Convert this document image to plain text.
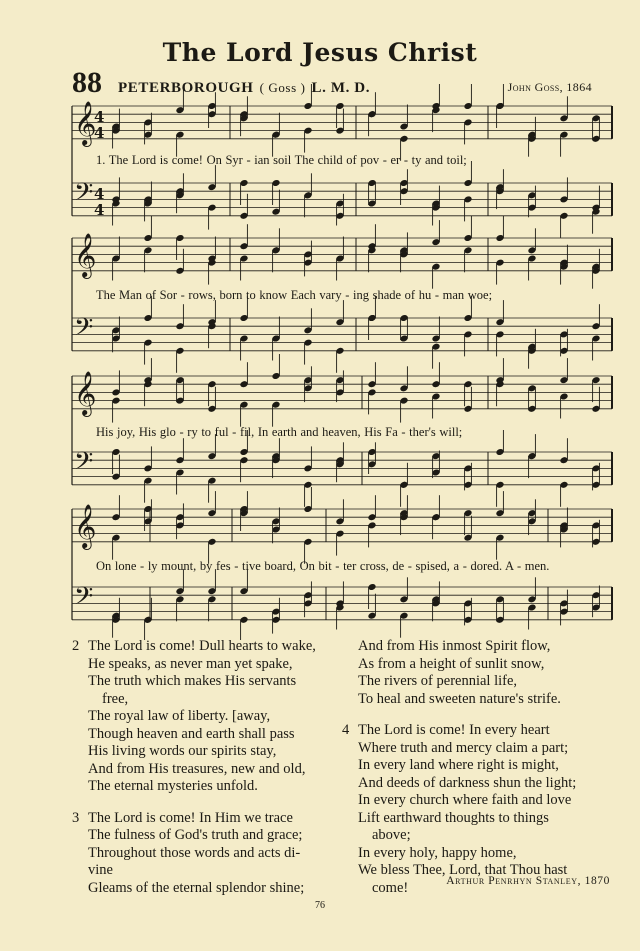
The Lord Jesus Christ
88 PETERBOROUGH ( Goss ) L. M. D.	John Goss, 1864
𝄞
4
4
𝄢 4
4
𝄞
𝄢
𝄞
𝄢
𝄞
𝄢
1. The Lord is come! On Syr - ian soil The child of pov - er - ty and toil;
The Man of Sor - rows, born to know Each vary - ing shade of hu - man woe;
His joy, His glo - ry to ful - fil, In earth and heaven, His Fa - ther's will;
On lone - ly mount, by fes - tive board, On bit - ter cross, de - spised, a - dored. A - men.
2 The Lord is come! Dull hearts to wake,
He speaks, as never man yet spake,
The truth which makes His servants
free,
The royal law of liberty. [away,
Though heaven and earth shall pass
His living words our spirits stay,
And from His treasures, new and old,
The eternal mysteries unfold.
3 The Lord is come! In Him we trace
The fulness of God's truth and grace;
Throughout those words and acts di-
vine
Gleams of the eternal splendor shine;
And from His inmost Spirit flow,
As from a height of sunlit snow,
The rivers of perennial life,
To heal and sweeten nature's strife.
4 The Lord is come! In every heart
Where truth and mercy claim a part;
In every land where right is might,
And deeds of darkness shun the light;
In every church where faith and love
Lift earthward thoughts to things
above;
In every holy, happy home,
We bless Thee, Lord, that Thou hast
come!	Arthur Penrhyn Stanley, 1870
76
